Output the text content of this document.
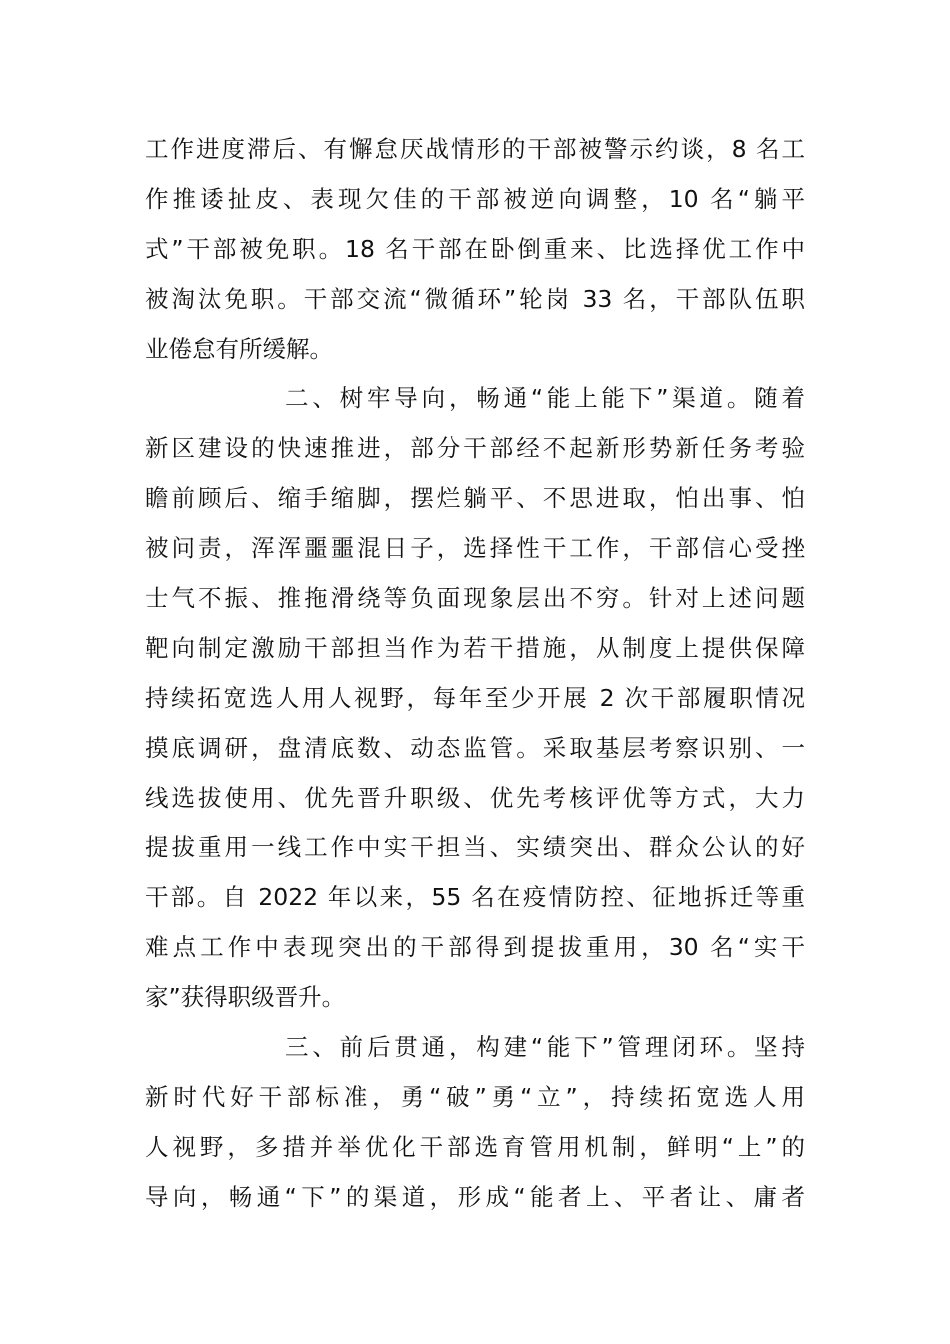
工作进度滞后、有懈怠厌战情形的干部被警示约谈，8 名工
作推诿扯皮、表现欠佳的干部被逆向调整，10 名“躺平
式”干部被免职。18 名干部在卧倒重来、比选择优工作中
被淘汰免职。干部交流“微循环”轮岗 33 名，干部队伍职
业倦怠有所缓解。
二、树牢导向，畅通“能上能下”渠道。随着
新区建设的快速推进，部分干部经不起新形势新任务考验
瞻前顾后、缩手缩脚，摆烂躺平、不思进取，怕出事、怕
被问责，浑浑噩噩混日子，选择性干工作，干部信心受挫
士气不振、推拖滑绕等负面现象层出不穷。针对上述问题
靶向制定激励干部担当作为若干措施，从制度上提供保障
持续拓宽选人用人视野，每年至少开展 2 次干部履职情况
摸底调研，盘清底数、动态监管。采取基层考察识别、一
线选拔使用、优先晋升职级、优先考核评优等方式，大力
提拔重用一线工作中实干担当、实绩突出、群众公认的好
干部。自 2022 年以来，55 名在疫情防控、征地拆迁等重
难点工作中表现突出的干部得到提拔重用，30 名“实干
家”获得职级晋升。
三、前后贯通，构建“能下”管理闭环。坚持
新时代好干部标准，勇“破”勇“立”，持续拓宽选人用
人视野，多措并举优化干部选育管用机制，鲜明“上”的
导向，畅通“下”的渠道，形成“能者上、平者让、庸者
